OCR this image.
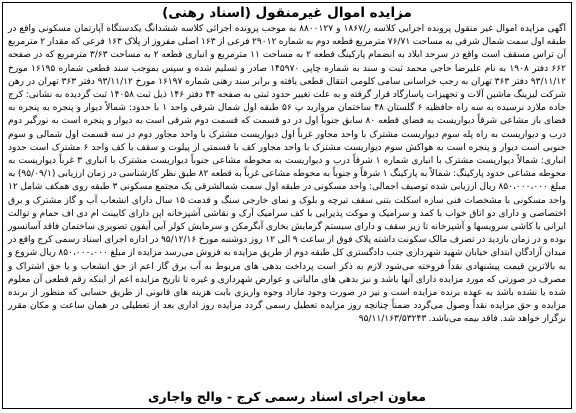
مزایده اموال غیرمنقول (اسناد رهنی)
آگهی مزایده اموال غیر منقول پرونده اجرایی کلاسه ر/۱۸۶۷ و ۸۸۰۰۱۲۷ به موجب پرونده اجرائی کلاسه ششدانگ یکدستگاه آپارتمان مسکونی واقع در طبقه اول سمت شمال شرقی به مساحت ۷۶/۷۱ مترمربع قطعه دوم به شماره ۲۹۰۱۲ فرعی از ۱۶۳ اصلی مفروز از پلاک ۱۶۳ فرعی که مقدار ۲ مترمربع آن تراس مسقف است واقع در سرحد ابلاد به انضمام پارکینگ قطعه ۲ به مساحت ۱۱ مترمربع و انباری قطعه ۲ به مساحت ۳/۶۳ مترمربع که در صفحه ۶۶۲ دفتر ۱۹۰۸ به نام علیرضا حاجی محمد ثبت و سند به شماره چاپی ۱۴۵۹۷۰ صادر و تسلیم شده و سپس بموجب سند قطعی شماره ۱۶۱۹۵ مورخ ۹۳/۱۱/۱۲ دفتر ۳۶۳ تهران به رجب خراسانی سامی کلومی انتقال قطعی یافته و برابر سند رهنی شماره ۱۶۱۹۷ مورخ ۹۳/۱۱/۱۲ دفتر ۳۶۳ تهران در رهن شرکت لیزینگ ماشین آلات و تجهیزات پاسارگاد قرار گرفته و به علت تغییر حدود ثبتی به صفحه ۴۴ دفتر ۱۴۶ ذیل ثبت ۱۴۰۵۸ ثبت گردیده به نشانی: کرج جاده ملارد نرسیده به سه راه حافظیه ۶ گلستان ۴۸ ساختمان مروارید پ ۵۶ طبقه اول شمال شرقی واحد ۱ با حدود: شمالاً دیوار و پنجره به پنجره به فضای باز مشاعی شرقاً دیواریست به فضای قطعه ۸۰ سابق جنوباً اول در دو قسمت که قسمت دوم شرقی است به دیوار و پنجره است به نورگیر دوم درب و دیواریست به راه پله سوم دیواریست مشترک با واحد مجاور غرباً اول دیواریست مشترک با واحد مجاور دوم در سه قسمت اول شمالی و سوم جنوبی است دیوار و پنجره است به هواکش سوم دیواریست مشترک با واحد مجاور کف با قسمتی از پیلوت و سقف با کف واحد ۶ مشترک است حدود انباری: شمالاً دیواریست مشترک با انباری شماره ۱ شرقاً درب و دیواریست به محوطه مشاعی جنوباً دیواریست مشترک با انباری ۳ غرباً دیواریست به محوطه مشاعی حدود پارکینگ: شمالاً به پارکینگ ۱ شرقاً و جنوباً به محوطه مشاعی غرباً به قطعه ۸۲ طبق نظر کارشناسی در زمان ارزیابی (۹۵/۰۹/۱) به مبلغ ۸۵۰،۰۰۰،۰۰۰ ریال ارزیابی شده توصیف اجمالی: واحد مسکونی در طبقه اول سمت شمالشرقی یک مجتمع مسکونی ۳ طبقه روی همکف شامل ۱۲ واحد مسکونی با مشخصات فنی سازه اسکلت بتنی سقف تیرچه و بلوک و نمای خارجی سنگ و قدمت ۱۵ سال دارای انشعاب آب و گاز مشترک و برق اختصاصی و دارای دو اتاق خواب با کمد و سرامیک و موکت پذیرایی با کف سرامیک آرک و نقاشی آشپزخانه اپن دارای کابینت ام دی اف حمام و توالت ایرانی با کاشی سرویسها و آشپزخانه تا زیر سقف و دارای سیستم گرمایش بخاری آبگرمکن و سرمایش کولر آبی آیفون تصویری ساختمان فاقد آسانسور بوده و در زمان بازدید در تصرف مالک سکونت داشته پلاک فوق از ساعت ۹ الی ۱۲ روز دوشنبه مورخ ۹۵/۱۲/۱۶ در اداره اجرای اسناد رسمی کرج واقع در میدان آزادگان ابتدای خیابان شهید شهرداری جنب دادگستری کل طبقه دوم از طریق مزایده به فروش می‌رسد مزایده از مبلغ ۸۵۰،۰۰۰،۰۰۰ ریال شروع و به بالاترین قیمت پیشنهادی نقداً فروخته می‌شود لازم به ذکر است پرداخت بدهی های مربوط به آب برق گاز اعم از حق انشعاب و یا حق اشتراک و مصرف در صورتی که مورد مزایده دارای آنها باشد و نیز بدهی های مالیاتی و عوارض شهرداری و غیره تا تاریخ مزایده اعم از اینکه رقم قطعی آن معلوم شده یا نشده باشد به عهده برنده مزایده است و نیز در صورت وجود مازاد وجوه واریزی بابت هزینه های قانونی از طریق حسابی که منظور از برنده مزایده و حق مزایده نقداً وصول می‌گردد ضمناً چنانچه روز مزایده تعطیل رسمی گردد مزایده روز اداری بعد از تعطیلی در همان ساعت و مکان مقرر برگزار خواهد شد. فاقد بیمه می‌باشد. ۹۵/۱۱/۱۶۳/۵۳۲۴۳
معاون اجرای اسناد رسمی کرج - والح واجاری
